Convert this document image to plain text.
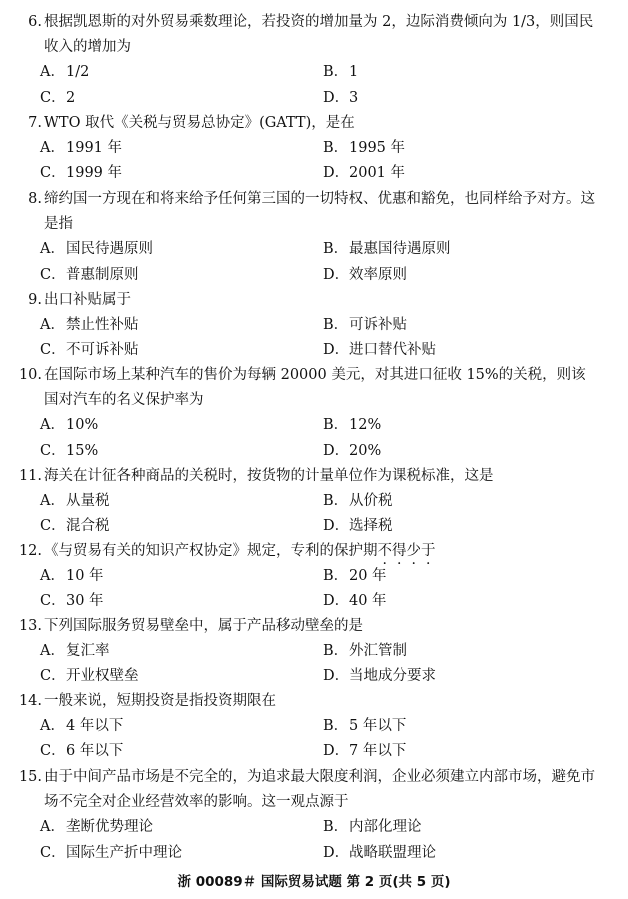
6. 根据凯恩斯的对外贸易乘数理论，若投资的增加量为 2，边际消费倾向为 1/3，则国民收入的增加为
A．1/2	B．1
C．2	D．3
7. WTO 取代《关税与贸易总协定》(GATT)，是在
A．1991 年	B．1995 年
C．1999 年	D．2001 年
8. 缔约国一方现在和将来给予任何第三国的一切特权、优惠和豁免，也同样给予对方。这是指
A．国民待遇原则	B．最惠国待遇原则
C．普惠制原则	D．效率原则
9. 出口补贴属于
A．禁止性补贴	B．可诉补贴
C．不可诉补贴	D．进口替代补贴
10. 在国际市场上某种汽车的售价为每辆 20000 美元，对其进口征收 15%的关税，则该国对汽车的名义保护率为
A．10%	B．12%
C．15%	D．20%
11. 海关在计征各种商品的关税时，按货物的计量单位作为课税标准，这是
A．从量税	B．从价税
C．混合税	D．选择税
12. 《与贸易有关的知识产权协定》规定，专利的保护期不得少于
A．10 年	B．20 年
C．30 年	D．40 年
13. 下列国际服务贸易壁垒中，属于产品移动壁垒的是
A．复汇率	B．外汇管制
C．开业权壁垒	D．当地成分要求
14. 一般来说，短期投资是指投资期限在
A．4 年以下	B．5 年以下
C．6 年以下	D．7 年以下
15. 由于中间产品市场是不完全的，为追求最大限度利润，企业必须建立内部市场，避免市场不完全对企业经营效率的影响。这一观点源于
A．垄断优势理论	B．内部化理论
C．国际生产折中理论	D．战略联盟理论
浙 00089＃ 国际贸易试题 第 2 页(共 5 页)
